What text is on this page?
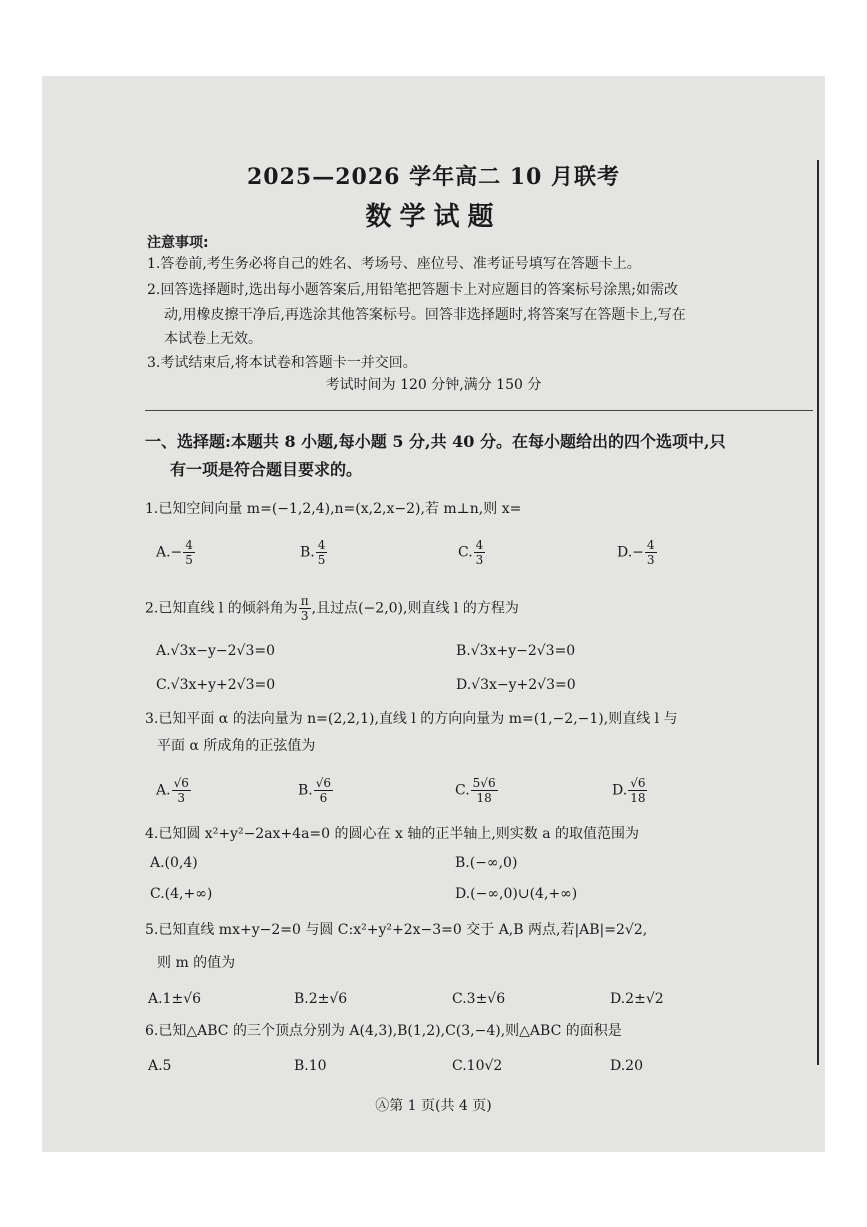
2025—2026 学年高二 10 月联考
数学试题
注意事项:
1.答卷前,考生务必将自己的姓名、考场号、座位号、准考证号填写在答题卡上。
2.回答选择题时,选出每小题答案后,用铅笔把答题卡上对应题目的答案标号涂黑;如需改
动,用橡皮擦干净后,再选涂其他答案标号。回答非选择题时,将答案写在答题卡上,写在
本试卷上无效。
3.考试结束后,将本试卷和答题卡一并交回。
考试时间为 120 分钟,满分 150 分
一、选择题:本题共 8 小题,每小题 5 分,共 40 分。在每小题给出的四个选项中,只
有一项是符合题目要求的。
1.已知空间向量 m=(−1,2,4),n=(x,2,x−2),若 m⊥n,则 x=
$A.- \frac{4}{5}$	B. $\frac{4}{5}$	C. $\frac{4}{3}$	$D.- \frac{4}{3}$
2.已知直线 l 的倾斜角为 $\frac{\pi}{3}$ ,且过点(−2,0),则直线 l 的方程为
A.√3x−y−2√3=0	B.√3x+y−2√3=0
C.√3x+y+2√3=0	D.√3x−y+2√3=0
3.已知平面 α 的法向量为 n=(2,2,1),直线 l 的方向向量为 m=(1,−2,−1),则直线 l 与
平面 α 所成角的正弦值为
A. $\frac{√6}{3}$	B. $\frac{√6}{6}$	C. $\frac{5√6}{18}$	D. $\frac{√6}{18}$
4.已知圆 x²+y²−2ax+4a=0 的圆心在 x 轴的正半轴上,则实数 a 的取值范围为
A.(0,4)	B.(−∞,0)
C.(4,+∞)	D.(−∞,0)∪(4,+∞)
5.已知直线 mx+y−2=0 与圆 C:x²+y²+2x−3=0 交于 A,B 两点,若|AB|=2√2,
则 m 的值为
A.1±√6	B.2±√6	C.3±√6	D.2±√2
6.已知△ABC 的三个顶点分别为 A(4,3),B(1,2),C(3,−4),则△ABC 的面积是
A.5	B.10	C.10√2	D.20
Ⓐ第 1 页(共 4 页)
